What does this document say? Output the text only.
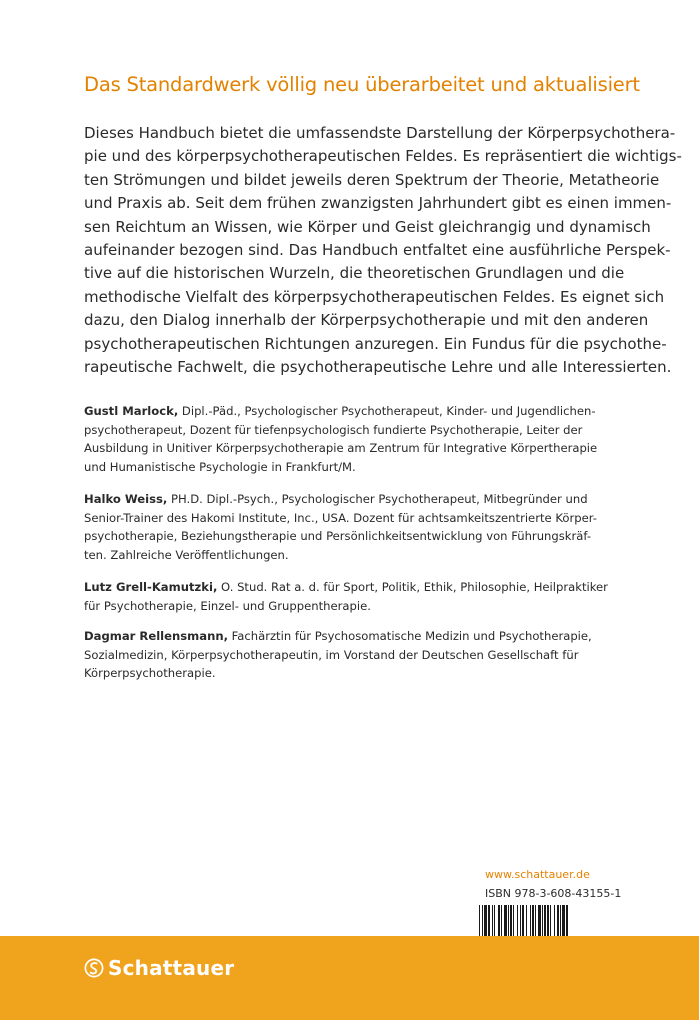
Das Standardwerk völlig neu überarbeitet und aktualisiert

Dieses Handbuch bietet die umfassendste Darstellung der Körperpsychothera-
pie und des körperpsychotherapeutischen Feldes. Es repräsentiert die wichtigs-
ten Strömungen und bildet jeweils deren Spektrum der Theorie, Metatheorie
und Praxis ab. Seit dem frühen zwanzigsten Jahrhundert gibt es einen immen-
sen Reichtum an Wissen, wie Körper und Geist gleichrangig und dynamisch
aufeinander bezogen sind. Das Handbuch entfaltet eine ausführliche Perspek-
tive auf die historischen Wurzeln, die theoretischen Grundlagen und die
methodische Vielfalt des körperpsychotherapeutischen Feldes. Es eignet sich
dazu, den Dialog innerhalb der Körperpsychotherapie und mit den anderen
psychotherapeutischen Richtungen anzuregen. Ein Fundus für die psychothe-
rapeutische Fachwelt, die psychotherapeutische Lehre und alle Interessierten.

Gustl Marlock, Dipl.-Päd., Psychologischer Psychotherapeut, Kinder- und Jugendlichen-
psychotherapeut, Dozent für tiefenpsychologisch fundierte Psychotherapie, Leiter der
Ausbildung in Unitiver Körperpsychotherapie am Zentrum für Integrative Körpertherapie
und Humanistische Psychologie in Frankfurt/M.

Halko Weiss, PH.D. Dipl.-Psych., Psychologischer Psychotherapeut, Mitbegründer und
Senior-Trainer des Hakomi Institute, Inc., USA. Dozent für achtsamkeitszentrierte Körper-
psychotherapie, Beziehungstherapie und Persönlichkeitsentwicklung von Führungskräf-
ten. Zahlreiche Veröffentlichungen.

Lutz Grell-Kamutzki, O. Stud. Rat a. d. für Sport, Politik, Ethik, Philosophie, Heilpraktiker
für Psychotherapie, Einzel- und Gruppentherapie.

Dagmar Rellensmann, Fachärztin für Psychosomatische Medizin und Psychotherapie,
Sozialmedizin, Körperpsychotherapeutin, im Vorstand der Deutschen Gesellschaft für
Körperpsychotherapie.

www.schattauer.de
ISBN 978-3-608-43155-1
Schattauer
